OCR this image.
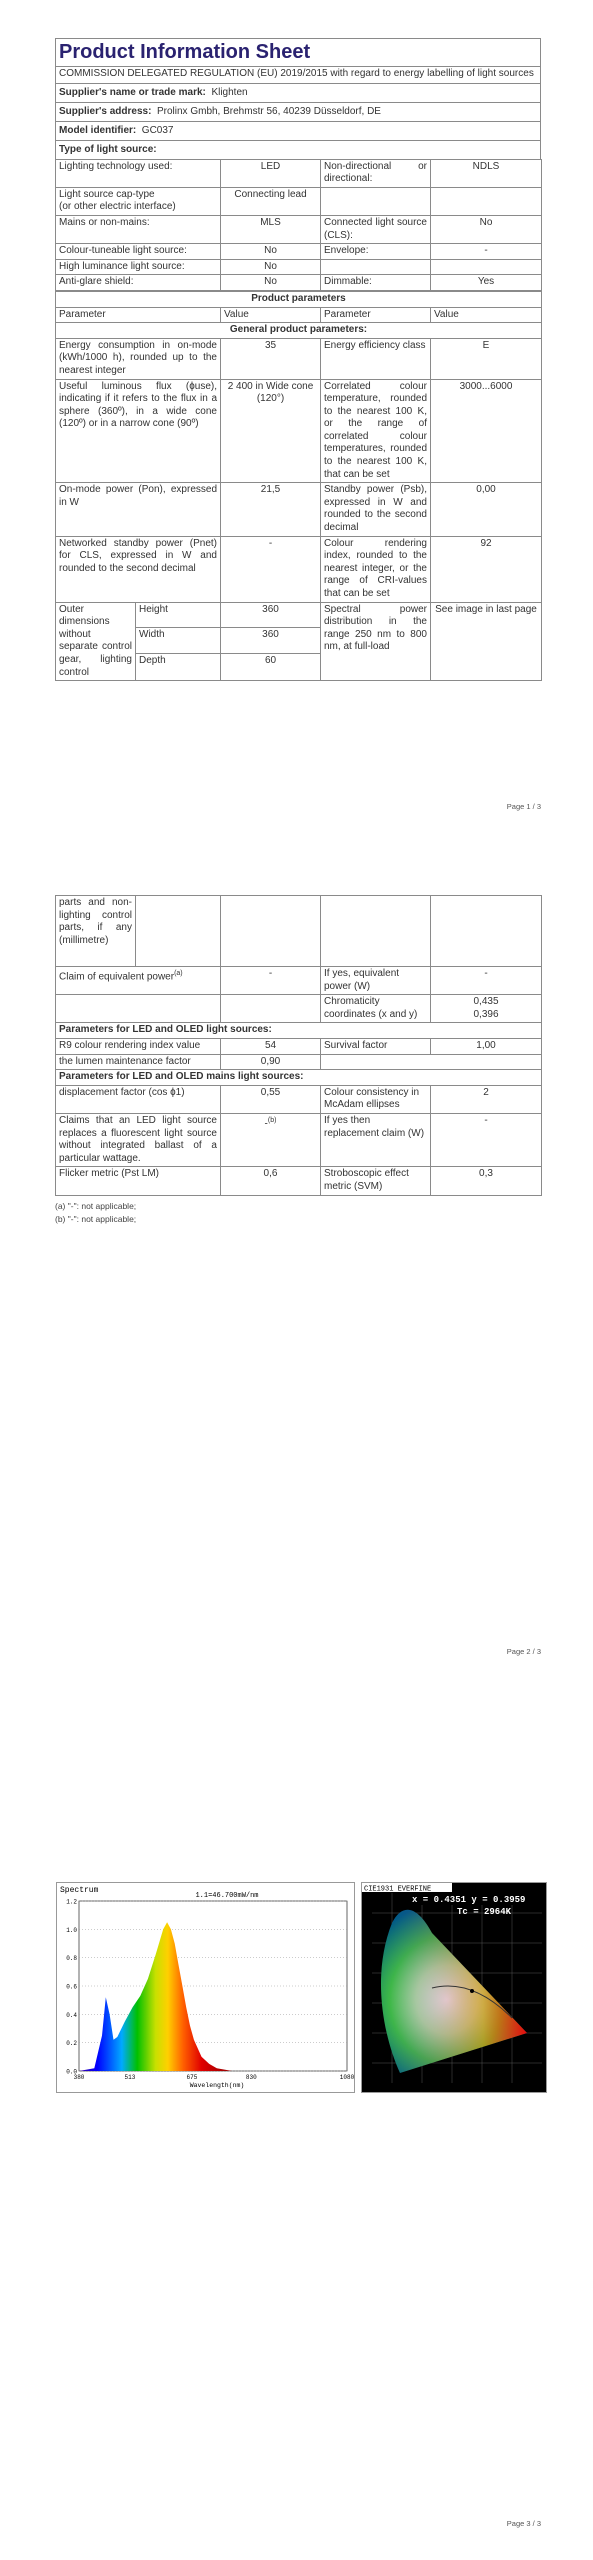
Product Information Sheet
COMMISSION DELEGATED REGULATION (EU) 2019/2015 with regard to energy labelling of light sources
Supplier's name or trade mark: Klighten
Supplier's address: Prolinx Gmbh, Brehmstr 56, 40239 Düsseldorf, DE
Model identifier: GC037
Type of light source:
Lighting technology used:	LED	Non-directional or directional:	NDLS
Light source cap-type
(or other electric interface)	Connecting lead		
Mains or non-mains:	MLS	Connected light source (CLS):	No
Colour-tuneable light source:	No	Envelope:	-
High luminance light source:	No		
Anti-glare shield:	No	Dimmable:	Yes
Product parameters				
Parameter		Value	Parameter	Value
General product parameters:				
Energy consumption in on-mode (kWh/1000 h), rounded up to the nearest integer		35	Energy efficiency class	E
Useful luminous flux (ɸuse), indicating if it refers to the flux in a sphere (360º), in a wide cone (120º) or in a narrow cone (90º)		2 400 in Wide cone (120°)	Correlated colour temperature, rounded to the nearest 100 K, or the range of correlated colour temperatures, rounded to the nearest 100 K, that can be set	3000...6000
On-mode power (Pon), expressed in W		21,5	Standby power (Psb), expressed in W and rounded to the second decimal	0,00
Networked standby power (Pnet) for CLS, expressed in W and rounded to the second decimal		-	Colour rendering index, rounded to the nearest integer, or the range of CRI-values that can be set	92
Outer dimensions without separate control gear, lighting control	Height	360	Spectral power distribution in the range 250 nm to 800 nm, at full-load	See image in last page
	Width	360		
	Depth	60		
Page 1 / 3
parts and non-lighting control parts, if any (millimetre)				
Claim of equivalent power$^{(a)}$		-	If yes, equivalent power (W)	-
			Chromaticity coordinates (x and y)	0,435
0,396

Parameters for LED and OLED light sources:				
R9 colour rendering index value		54	Survival factor	1,00
the lumen maintenance factor		0,90		
Parameters for LED and OLED mains light sources:				
displacement factor (cos ɸ1)		0,55	Colour consistency in McAdam ellipses	2
Claims that an LED light source replaces a fluorescent light source without integrated ballast of a particular wattage.		-$^{(b)}$	If yes then replacement claim (W)	-
Flicker metric (Pst LM)		0,6	Stroboscopic effect metric (SVM)	0,3
(a) "-": not applicable;
(b) "-": not applicable;
Page 2 / 3
Spectrum
1.1=46.700mW/nm
1.2
1.0
0.8
0.6
0.4
0.2
0.0
380	513	675	830	1080
Wavelength(nm)
CIE1931 EVERFINE
x = 0.4351 y = 0.3959
Tc = 2964K
Page 3 / 3
